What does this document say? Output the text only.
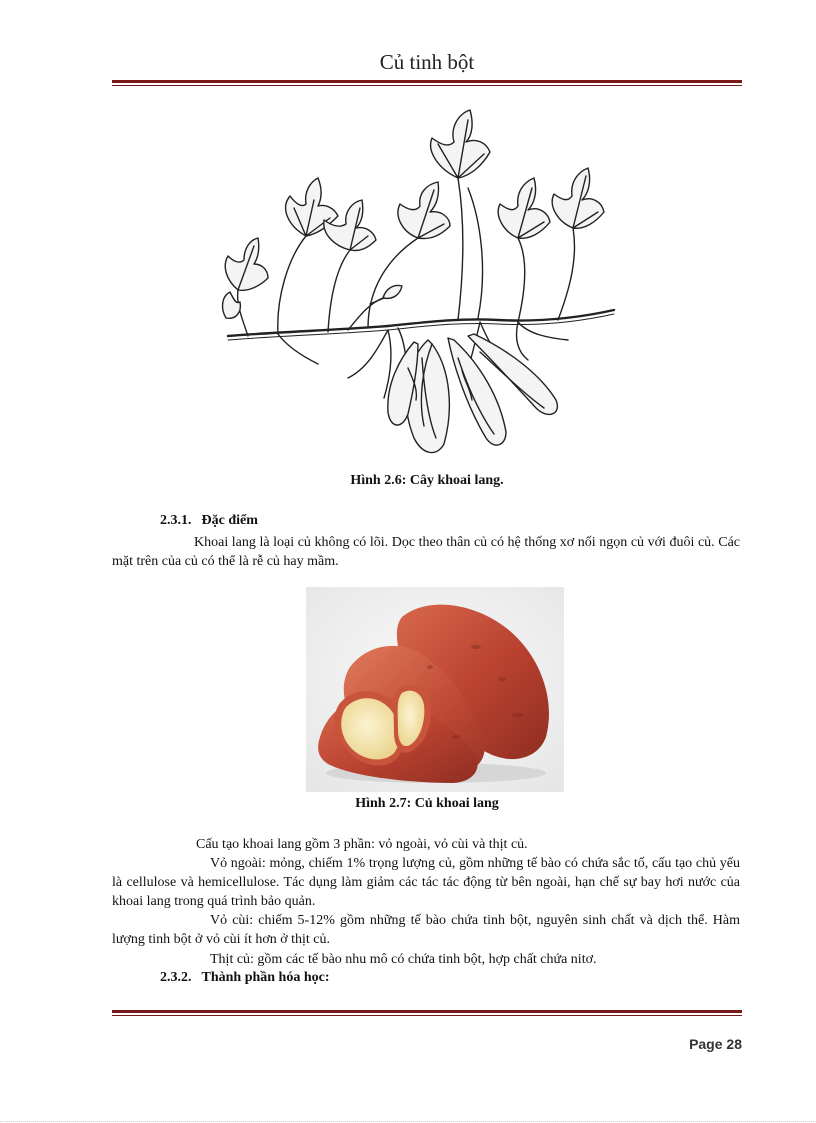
Củ tinh bột
Hình 2.6: Cây khoai lang.
2.3.1. Đặc điểm

Khoai lang là loại củ không có lõi. Dọc theo thân củ có hệ thống xơ nối ngọn củ với đuôi củ. Các mặt trên của củ có thể là rễ củ hay mầm.

Hình 2.7: Củ khoai lang

Cấu tạo khoai lang gồm 3 phần: vỏ ngoài, vỏ cùi và thịt củ.

Vỏ ngoài: mỏng, chiếm 1% trọng lượng củ, gồm những tế bào có chứa sắc tố, cấu tạo chủ yếu là cellulose và hemicellulose. Tác dụng làm giảm các tác tác động từ bên ngoài, hạn chế sự bay hơi nước của khoai lang trong quá trình bảo quản.

Vỏ cùi: chiếm 5-12% gồm những tế bào chứa tinh bột, nguyên sinh chất và dịch thể. Hàm lượng tinh bột ở vỏ cùi ít hơn ở thịt củ.

Thịt củ: gồm các tế bào nhu mô có chứa tinh bột, hợp chất chứa nitơ.

2.3.2. Thành phần hóa học:
Page 28
